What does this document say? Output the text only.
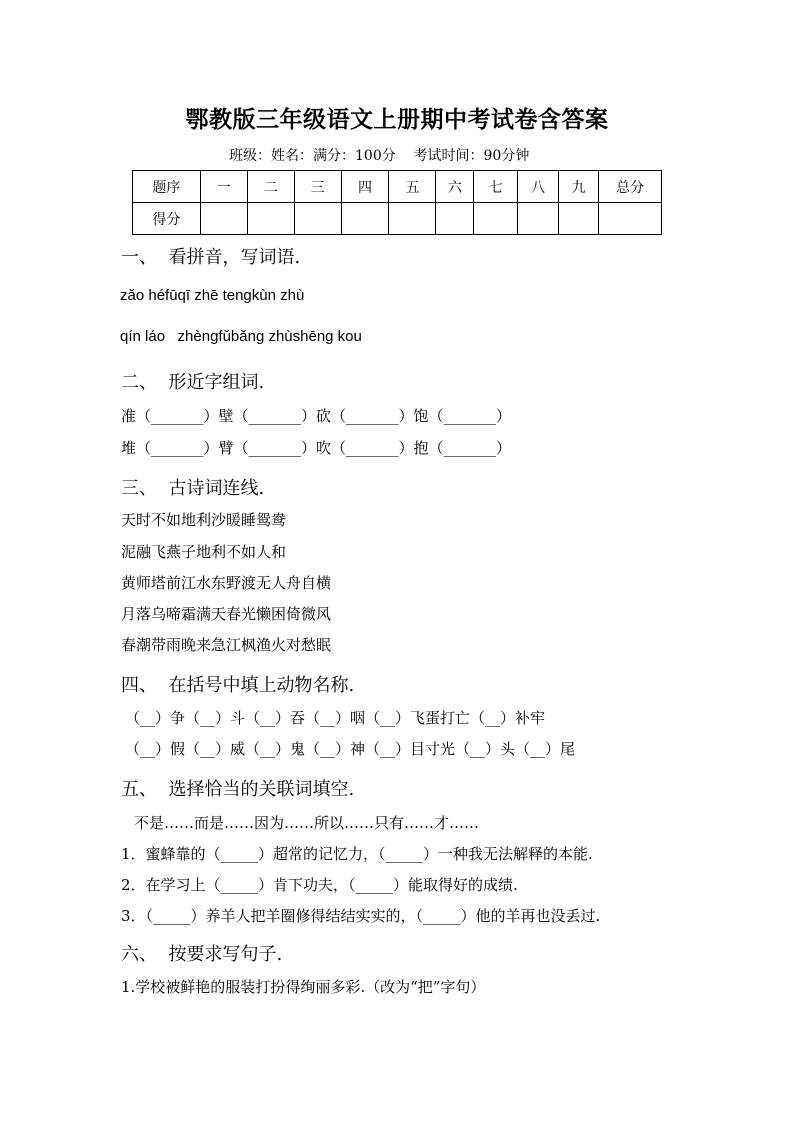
鄂教版三年级语文上册期中考试卷含答案
班级：姓名：满分：100分    考试时间：90分钟
题序	一	二	三	四	五	六	七	八	九	总分
得分										
一、  看拼音，写词语.
zǎo héfūqī zhē tengkùn zhù
qín láo   zhèngfǔbǎng zhùshēng kou
二、  形近字组词.
准（_______）壁（_______）砍（_______）饱（_______）
堆（_______）臂（_______）吹（_______）抱（_______）
三、  古诗词连线.
天时不如地利沙暖睡鸳鸯
泥融飞燕子地利不如人和
黄师塔前江水东野渡无人舟自横
月落乌啼霜满天春光懒困倚微风
春潮带雨晚来急江枫渔火对愁眠
四、  在括号中填上动物名称.
（__）争（__）斗（__）吞（__）咽（__）飞蛋打亡（__）补牢
（__）假（__）威（__）鬼（__）神（__）目寸光（__）头（__）尾
五、  选择恰当的关联词填空.
不是……而是……因为……所以……只有……才……
1．蜜蜂靠的（_____）超常的记忆力，（_____）一种我无法解释的本能.
2．在学习上（_____）肯下功夫，（_____）能取得好的成绩.
3．（_____）养羊人把羊圈修得结结实实的，（_____）他的羊再也没丢过.
六、  按要求写句子.
1.学校被鲜艳的服装打扮得绚丽多彩.（改为“把”字句）
